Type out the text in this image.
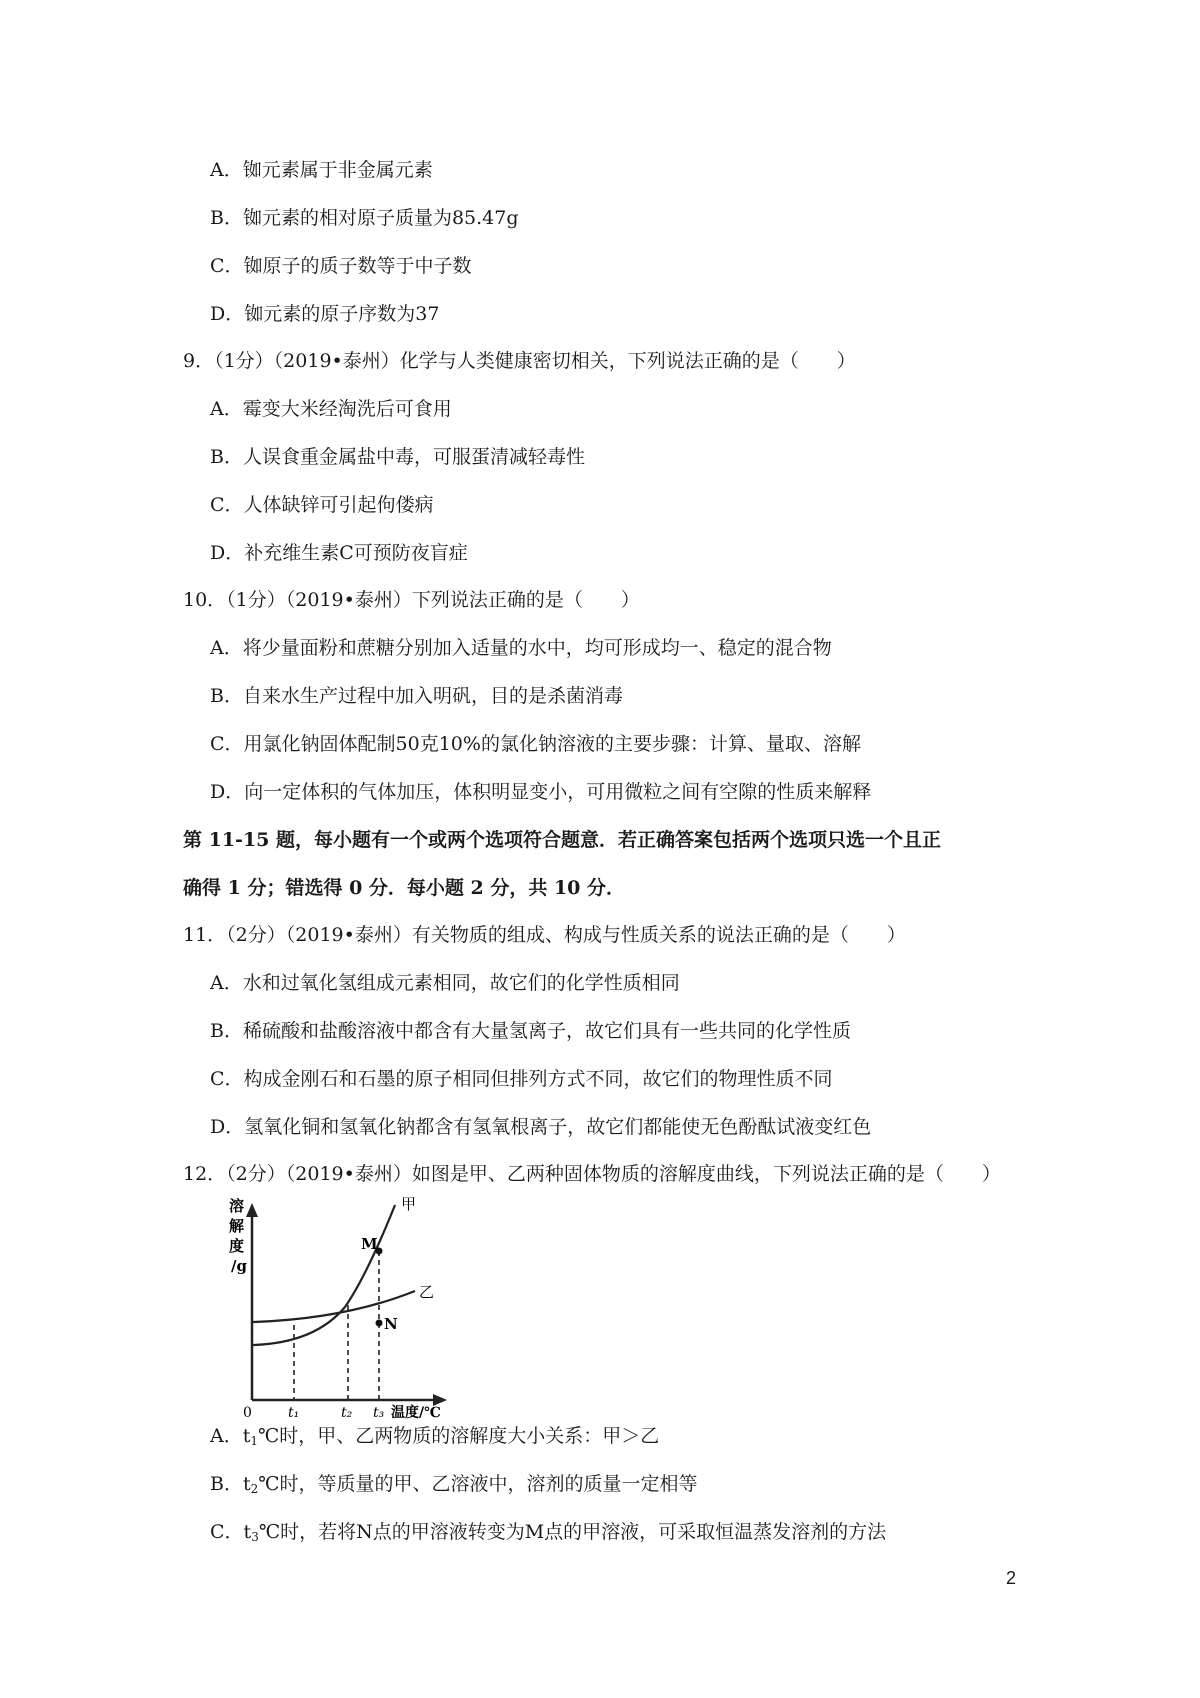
A．铷元素属于非金属元素
B．铷元素的相对原子质量为85.47g
C．铷原子的质子数等于中子数
D．铷元素的原子序数为37
9．（1分）（2019•泰州）化学与人类健康密切相关，下列说法正确的是（　　）
A．霉变大米经淘洗后可食用
B．人误食重金属盐中毒，可服蛋清减轻毒性
C．人体缺锌可引起佝偻病
D．补充维生素C可预防夜盲症
10．（1分）（2019•泰州）下列说法正确的是（　　）
A．将少量面粉和蔗糖分别加入适量的水中，均可形成均一、稳定的混合物
B．自来水生产过程中加入明矾，目的是杀菌消毒
C．用氯化钠固体配制50克10%的氯化钠溶液的主要步骤：计算、量取、溶解
D．向一定体积的气体加压，体积明显变小，可用微粒之间有空隙的性质来解释
第 11-15 题，每小题有一个或两个选项符合题意．若正确答案包括两个选项只选一个且正
确得 1 分；错选得 0 分．每小题 2 分，共 10 分．
11．（2分）（2019•泰州）有关物质的组成、构成与性质关系的说法正确的是（　　）
A．水和过氧化氢组成元素相同，故它们的化学性质相同
B．稀硫酸和盐酸溶液中都含有大量氢离子，故它们具有一些共同的化学性质
C．构成金刚石和石墨的原子相同但排列方式不同，故它们的物理性质不同
D．氢氧化铜和氢氧化钠都含有氢氧根离子，故它们都能使无色酚酞试液变红色
12．（2分）（2019•泰州）如图是甲、乙两种固体物质的溶解度曲线，下列说法正确的是（　　）
溶
解
度
/g
0	t₁	t₂ t₃ 温度/℃
甲
乙
M
N
A．$t_1℃$时，甲、乙两物质的溶解度大小关系：甲＞乙
B．$t_2℃$时，等质量的甲、乙溶液中，溶剂的质量一定相等
C．$t_3℃$时，若将N点的甲溶液转变为M点的甲溶液，可采取恒温蒸发溶剂的方法
2
